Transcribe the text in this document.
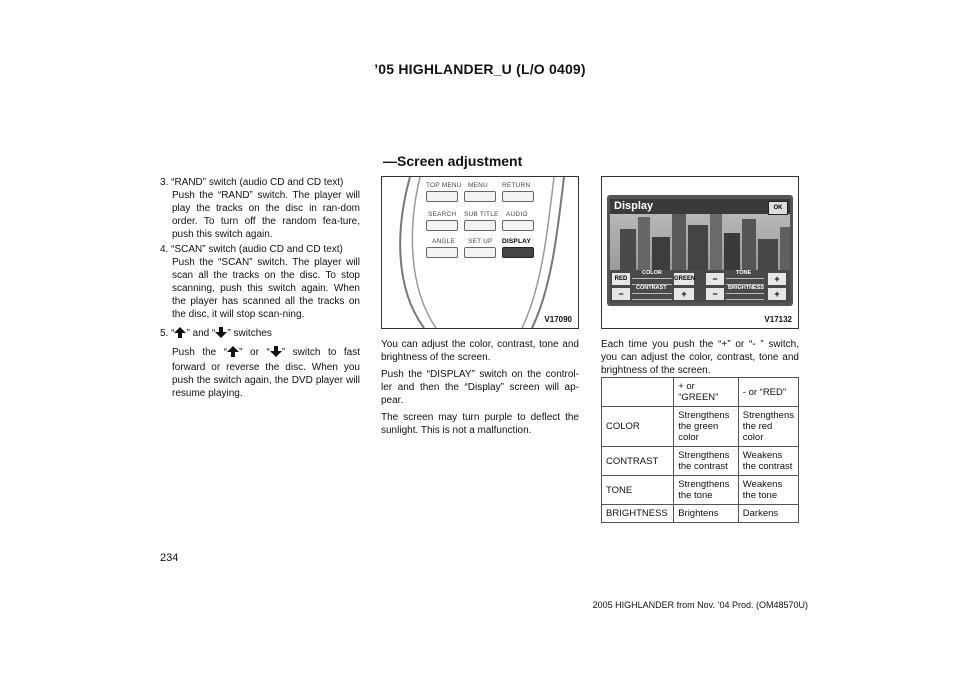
’05 HIGHLANDER_U (L/O 0409)
—Screen adjustment

3. “RAND” switch (audio CD and CD text)

Push the “RAND” switch. The player will play the tracks on the disc in ran-dom order. To turn off the random fea-ture, push this switch again.

4. “SCAN” switch (audio CD and CD text)

Push the “SCAN” switch. The player will scan all the tracks on the disc. To stop scanning, push this switch again. When the player has scanned all the tracks on the disc, it will stop scan-ning.

5. “ ” and “ ” switches

Push the “ ” or “ ” switch to fast forward or reverse the disc. When you push the switch again, the DVD player will resume playing.

TOP MENU MENU RETURN
SEARCH SUB TITLE AUDIO
ANGLE SET UP DISPLAY
V17090
Display	OK
RED
COLOR
GREEN	−
TONE
+
−
CONTRAST
+	−
BRIGHTNESS
+
V17132

You can adjust the color, contrast, tone and brightness of the screen.

Push the “DISPLAY” switch on the control-ler and then the “Display” screen will ap-pear.

The screen may turn purple to deflect the sunlight. This is not a malfunction.

Each time you push the “+” or “- ” switch, you can adjust the color, contrast, tone and brightness of the screen.

	+ or “GREEN”	- or “RED”
COLOR	Strengthens the green color	Strengthens the red color
CONTRAST	Strengthens the contrast	Weakens the contrast
TONE	Strengthens the tone	Weakens the tone
BRIGHTNESS	Brightens	Darkens
234
2005 HIGHLANDER from Nov. ’04 Prod. (OM48570U)
